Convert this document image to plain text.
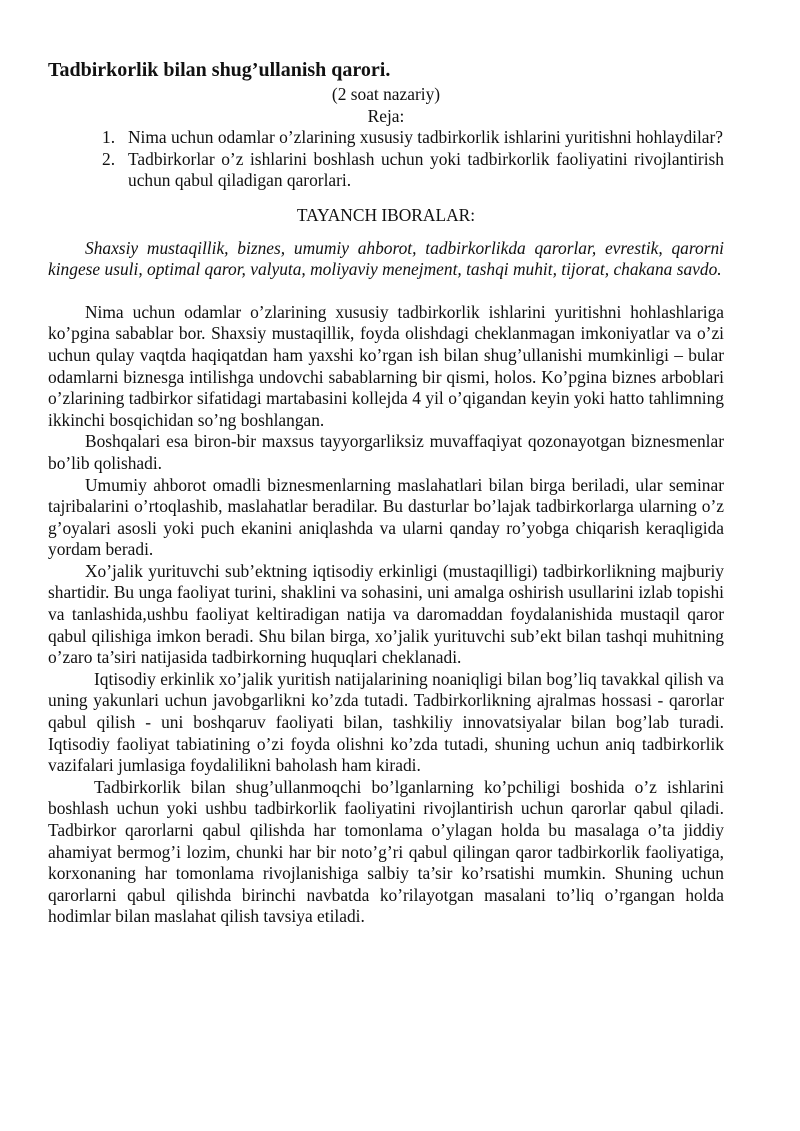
Tadbirkorlik bilan shug’ullanish qarori.
(2 soat nazariy)
Reja:
1. Nima uchun odamlar o’zlarining xususiy tadbirkorlik ishlarini yuritishni hohlaydilar?
2. Tadbirkorlar o’z ishlarini boshlash uchun yoki tadbirkorlik faoliyatini rivojlantirish uchun qabul qiladigan qarorlari.
TAYANCH IBORALAR:

Shaxsiy mustaqillik, biznes, umumiy ahborot, tadbirkorlikda qarorlar, evrestik, qarorni kingese usuli, optimal qaror, valyuta, moliyaviy menejment, tashqi muhit, tijorat, chakana savdo.

Nima uchun odamlar o’zlarining xususiy tadbirkorlik ishlarini yuritishni hohlashlariga ko’pgina sabablar bor. Shaxsiy mustaqillik, foyda olishdagi cheklanmagan imkoniyatlar va o’zi uchun qulay vaqtda haqiqatdan ham yaxshi ko’rgan ish bilan shug’ullanishi mumkinligi – bular odamlarni biznesga intilishga undovchi sabablarning bir qismi, holos. Ko’pgina biznes arboblari o’zlarining tadbirkor sifatidagi martabasini kollejda 4 yil o’qigandan keyin yoki hatto tahlimning ikkinchi bosqichidan so’ng boshlangan.

Boshqalari esa biron-bir maxsus tayyorgarliksiz muvaffaqiyat qozonayotgan biznesmenlar bo’lib qolishadi.

Umumiy ahborot omadli biznesmenlarning maslahatlari bilan birga beriladi, ular seminar tajribalarini o’rtoqlashib, maslahatlar beradilar. Bu dasturlar bo’lajak tadbirkorlarga ularning o’z g’oyalari asosli yoki puch ekanini aniqlashda va ularni qanday ro’yobga chiqarish keraqligida yordam beradi.

Xo’jalik yurituvchi sub’ektning iqtisodiy erkinligi (mustaqilligi) tadbirkorlikning majburiy shartidir. Bu unga faoliyat turini, shaklini va sohasini, uni amalga oshirish usullarini izlab topishi va tanlashida,ushbu faoliyat keltiradigan natija va daromaddan foydalanishida mustaqil qaror qabul qilishiga imkon beradi. Shu bilan birga, xo’jalik yurituvchi sub’ekt bilan tashqi muhitning o’zaro ta’siri natijasida tadbirkorning huquqlari cheklanadi.

Iqtisodiy erkinlik xo’jalik yuritish natijalarining noaniqligi bilan bog’liq tavakkal qilish va uning yakunlari uchun javobgarlikni ko’zda tutadi. Tadbirkorlikning ajralmas hossasi - qarorlar qabul qilish - uni boshqaruv faoliyati bilan, tashkiliy innovatsiyalar bilan bog’lab turadi. Iqtisodiy faoliyat tabiatining o’zi foyda olishni ko’zda tutadi, shuning uchun aniq tadbirkorlik vazifalari jumlasiga foydalilikni baholash ham kiradi.

Tadbirkorlik bilan shug’ullanmoqchi bo’lganlarning ko’pchiligi boshida o’z ishlarini boshlash uchun yoki ushbu tadbirkorlik faoliyatini rivojlantirish uchun qarorlar qabul qiladi. Tadbirkor qarorlarni qabul qilishda har tomonlama o’ylagan holda bu masalaga o’ta jiddiy ahamiyat bermog’i lozim, chunki har bir noto’g’ri qabul qilingan qaror tadbirkorlik faoliyatiga, korxonaning har tomonlama rivojlanishiga salbiy ta’sir ko’rsatishi mumkin. Shuning uchun qarorlarni qabul qilishda birinchi navbatda ko’rilayotgan masalani to’liq o’rgangan holda hodimlar bilan maslahat qilish tavsiya etiladi.
